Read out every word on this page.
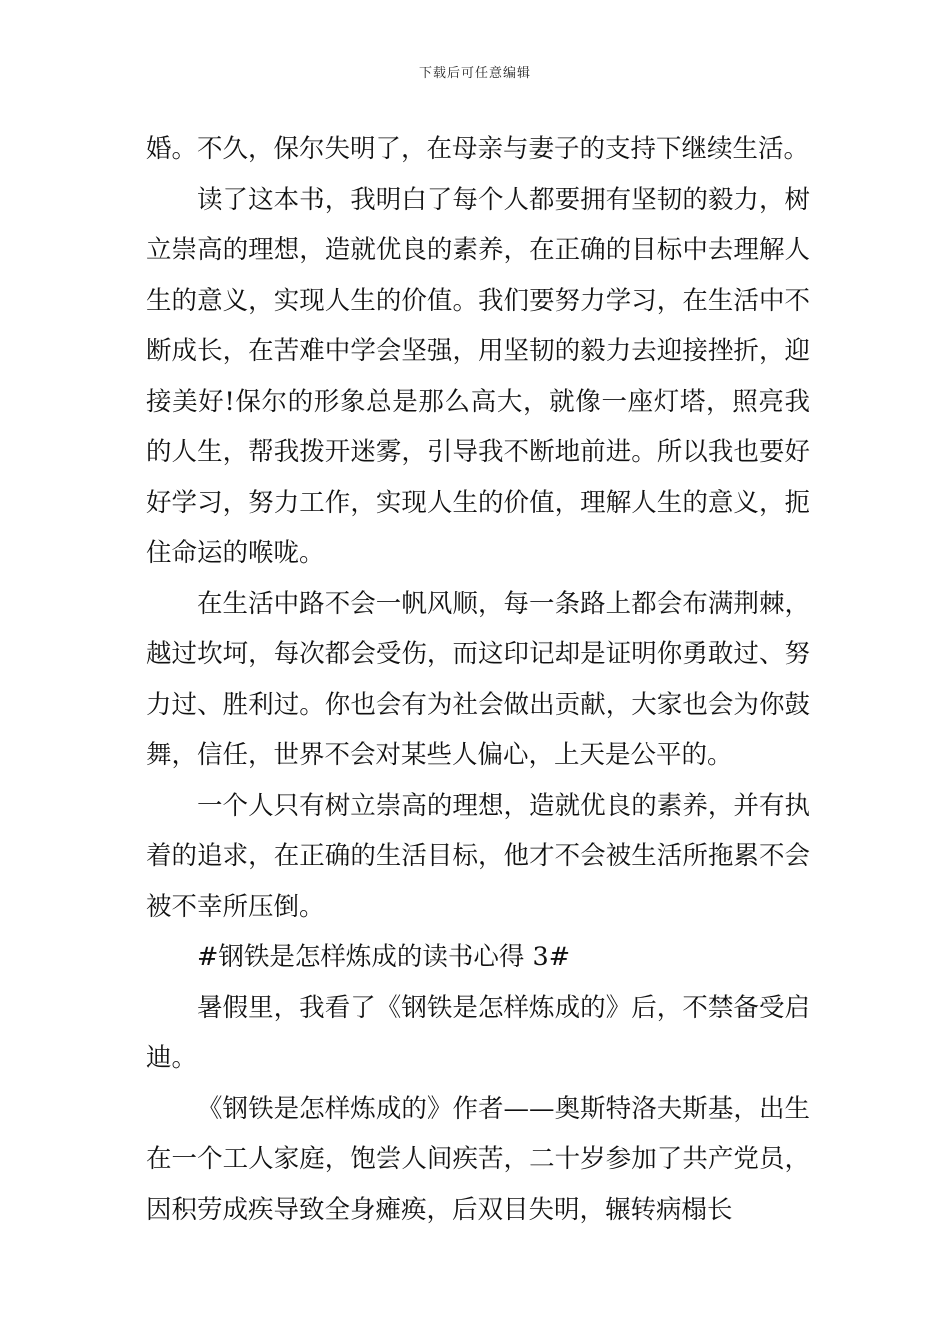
下载后可任意编辑

婚。不久，保尔失明了，在母亲与妻子的支持下继续生活。

读了这本书，我明白了每个人都要拥有坚韧的毅力，树立崇高的理想，造就优良的素养，在正确的目标中去理解人生的意义，实现人生的价值。我们要努力学习，在生活中不断成长，在苦难中学会坚强，用坚韧的毅力去迎接挫折，迎接美好!保尔的形象总是那么高大，就像一座灯塔，照亮我的人生，帮我拨开迷雾，引导我不断地前进。所以我也要好好学习，努力工作，实现人生的价值，理解人生的意义，扼住命运的喉咙。

在生活中路不会一帆风顺，每一条路上都会布满荆棘，越过坎坷，每次都会受伤，而这印记却是证明你勇敢过、努力过、胜利过。你也会有为社会做出贡献，大家也会为你鼓舞，信任，世界不会对某些人偏心，上天是公平的。

一个人只有树立崇高的理想，造就优良的素养，并有执着的追求，在正确的生活目标，他才不会被生活所拖累不会被不幸所压倒。

#钢铁是怎样炼成的读书心得 3#

暑假里，我看了《钢铁是怎样炼成的》后，不禁备受启迪。

《钢铁是怎样炼成的》作者——奥斯特洛夫斯基，出生在一个工人家庭，饱尝人间疾苦，二十岁参加了共产党员，因积劳成疾导致全身瘫痪，后双目失明，辗转病榻长
